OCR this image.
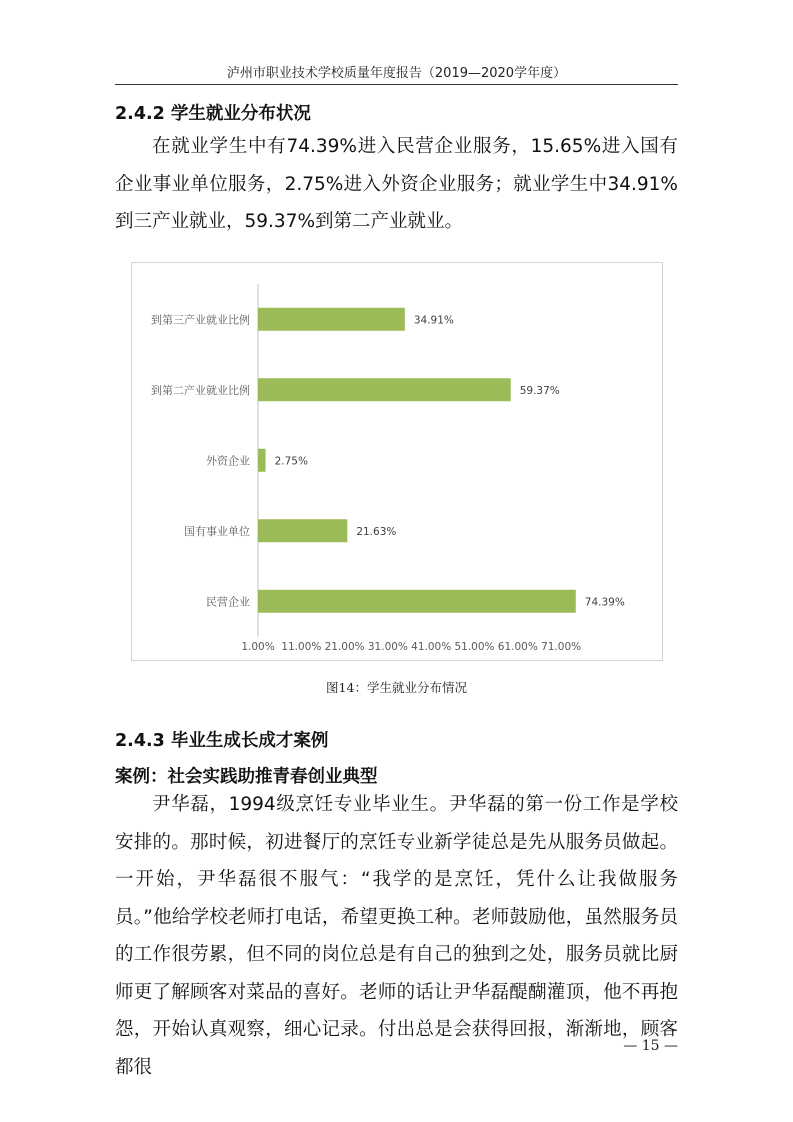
泸州市职业技术学校质量年度报告（2019—2020学年度）
2.4.2 学生就业分布状况
在就业学生中有74.39%进入民营企业服务，15.65%进入国有企业事业单位服务，2.75%进入外资企业服务；就业学生中34.91%到三产业就业，59.37%到第二产业就业。
到第三产业就业比例	34.91%
到第二产业就业比例	59.37%
外资企业 2.75%
国有事业单位	21.63%
民营企业	74.39%
1.00% 11.00% 21.00% 31.00% 41.00% 51.00% 61.00% 71.00%
图14：学生就业分布情况
2.4.3 毕业生成长成才案例
案例：社会实践助推青春创业典型
尹华磊，1994级烹饪专业毕业生。尹华磊的第一份工作是学校安排的。那时候，初进餐厅的烹饪专业新学徒总是先从服务员做起。一开始，尹华磊很不服气：“我学的是烹饪，凭什么让我做服务员。”他给学校老师打电话，希望更换工种。老师鼓励他，虽然服务员的工作很劳累，但不同的岗位总是有自己的独到之处，服务员就比厨师更了解顾客对菜品的喜好。老师的话让尹华磊醍醐灌顶，他不再抱怨，开始认真观察，细心记录。付出总是会获得回报，渐渐地，顾客都很
— 15 —
